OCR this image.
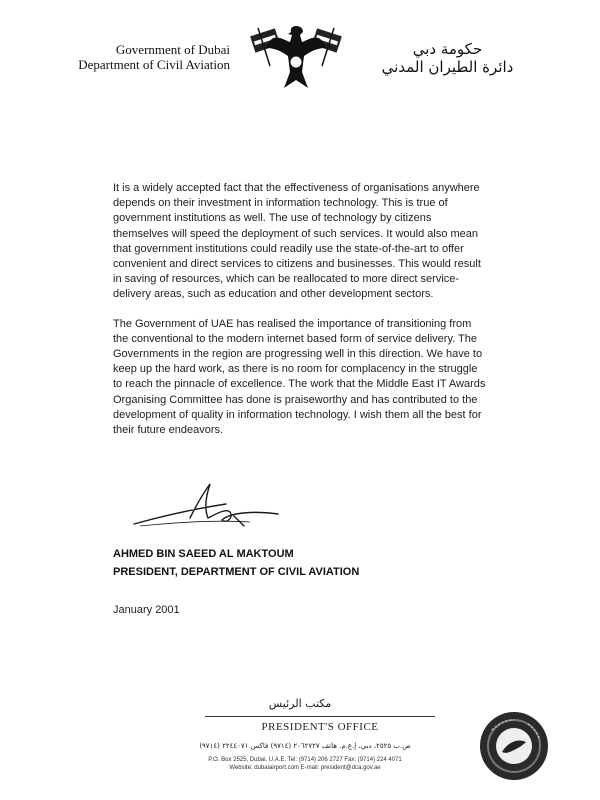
Government of Dubai
Department of Civil Aviation
حكومة دبي
دائرة الطيران المدني

It is a widely accepted fact that the effectiveness of organisations anywhere depends on their investment in information technology. This is true of government institutions as well. The use of technology by citizens themselves will speed the deployment of such services. It would also mean that government institutions could readily use the state-of-the-art to offer convenient and direct services to citizens and businesses. This would result in saving of resources, which can be reallocated to more direct service-delivery areas, such as education and other development sectors.

The Government of UAE has realised the importance of transitioning from the conventional to the modern internet based form of service delivery. The Governments in the region are progressing well in this direction. We have to keep up the hard work, as there is no room for complacency in the struggle to reach the pinnacle of excellence. The work that the Middle East IT Awards Organising Committee has done is praiseworthy and has contributed to the development of quality in information technology. I wish them all the best for their future endeavors.

AHMED BIN SAEED AL MAKTOUM
PRESIDENT, DEPARTMENT OF CIVIL AVIATION
January 2001
مكتب الرئيس
PRESIDENT'S OFFICE
ص.ب ٢٥٢٥، دبي، إ.ع.م. هاتف ٢٠٦٢٧٢٧ (٩٧١٤) فاكس ٢٢٤٤٠٧١ (٩٧١٤)
P.O. Box 2525, Dubai, U.A.E. Tel: (9714) 206 2727 Fax: (9714) 224 4071
Website: dubaiairport.com E-mail: president@dca.gov.ae
